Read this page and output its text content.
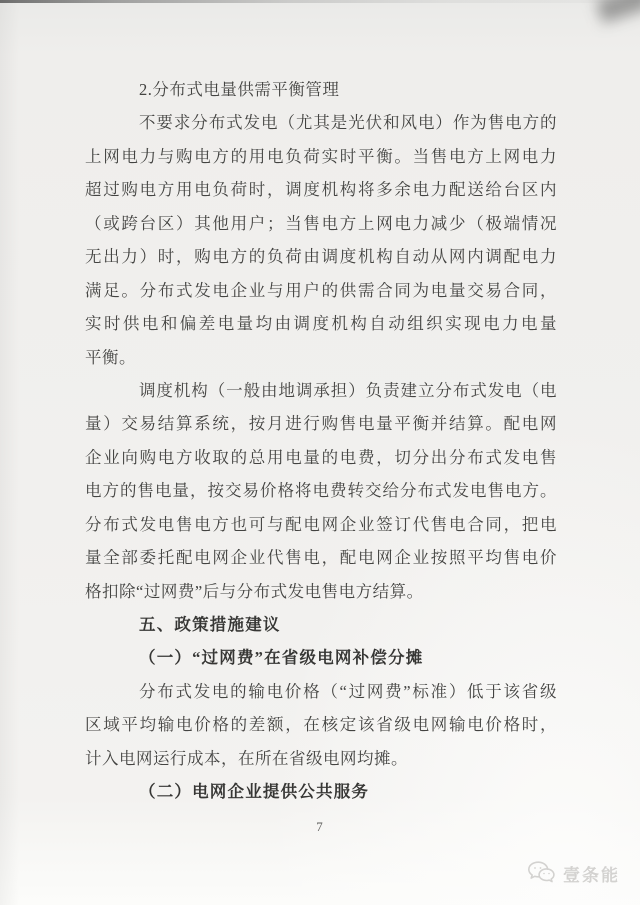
2.分布式电量供需平衡管理
不要求分布式发电（尤其是光伏和风电）作为售电方的
上网电力与购电方的用电负荷实时平衡。当售电方上网电力
超过购电方用电负荷时，调度机构将多余电力配送给台区内
（或跨台区）其他用户；当售电方上网电力减少（极端情况
无出力）时，购电方的负荷由调度机构自动从网内调配电力
满足。分布式发电企业与用户的供需合同为电量交易合同，
实时供电和偏差电量均由调度机构自动组织实现电力电量
平衡。
调度机构（一般由地调承担）负责建立分布式发电（电
量）交易结算系统，按月进行购售电量平衡并结算。配电网
企业向购电方收取的总用电量的电费，切分出分布式发电售
电方的售电量，按交易价格将电费转交给分布式发电售电方。
分布式发电售电方也可与配电网企业签订代售电合同，把电
量全部委托配电网企业代售电，配电网企业按照平均售电价
格扣除“过网费”后与分布式发电售电方结算。
五、政策措施建议
（一）“过网费”在省级电网补偿分摊
分布式发电的输电价格（“过网费”标准）低于该省级
区域平均输电价格的差额，在核定该省级电网输电价格时，
计入电网运行成本，在所在省级电网均摊。
（二）电网企业提供公共服务
7
壹条能
